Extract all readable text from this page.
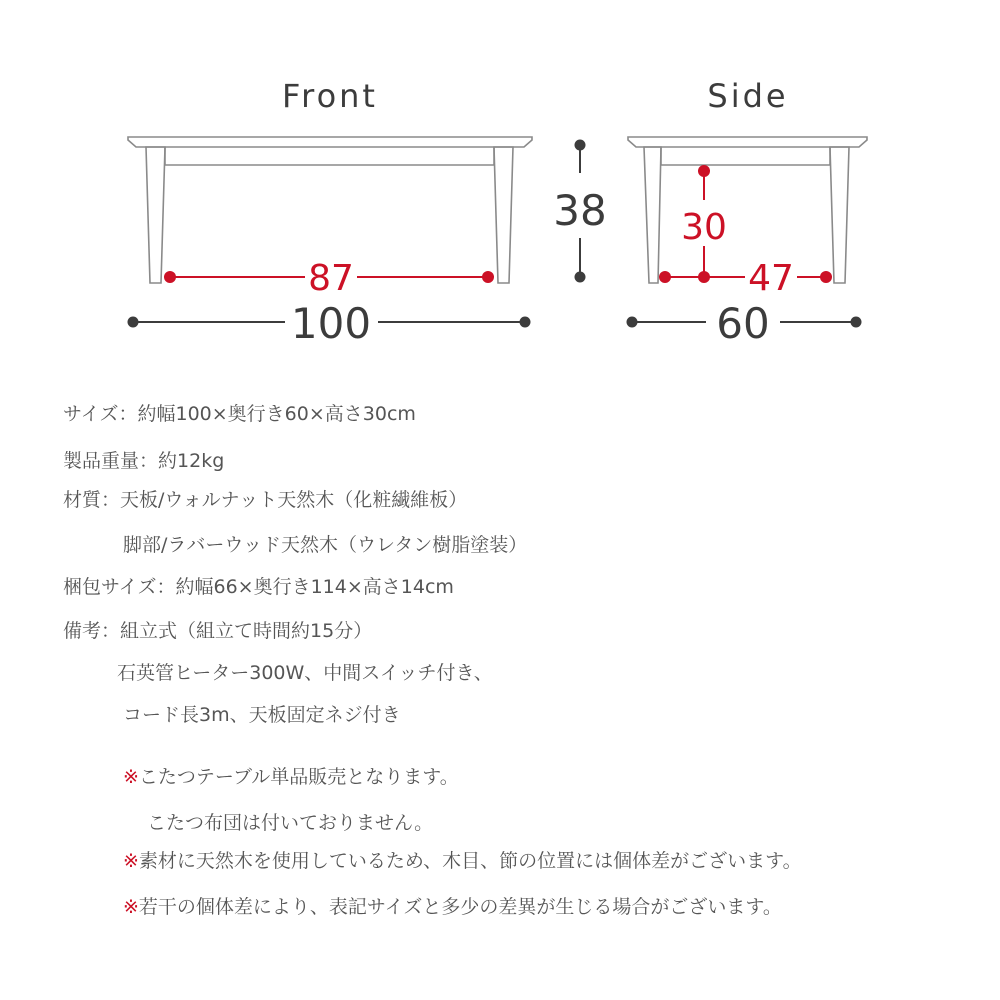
Front
87
100
38
Side
30
47
60
サイズ：約幅100×奥行き60×高さ30cm
製品重量：約12kg
材質：天板/ウォルナット天然木（化粧繊維板）
脚部/ラバーウッド天然木（ウレタン樹脂塗装）
梱包サイズ：約幅66×奥行き114×高さ14cm
備考：組立式（組立て時間約15分）
石英管ヒーター300W、中間スイッチ付き、
コード長3m、天板固定ネジ付き
※こたつテーブル単品販売となります。
こたつ布団は付いておりません。
※素材に天然木を使用しているため、木目、節の位置には個体差がございます。
※若干の個体差により、表記サイズと多少の差異が生じる場合がございます。
